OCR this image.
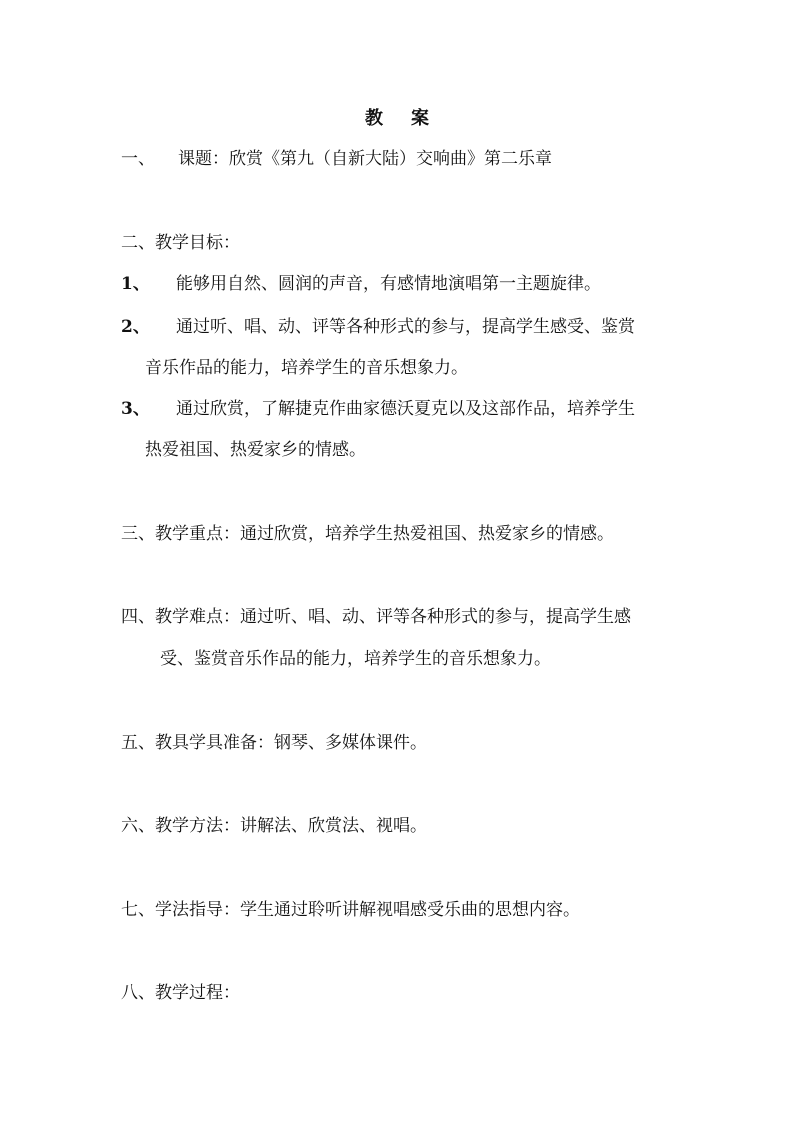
教 案
一、 课题：欣赏《第九（自新大陆）交响曲》第二乐章
二、教学目标：
1、 能够用自然、圆润的声音，有感情地演唱第一主题旋律。
2、 通过听、唱、动、评等各种形式的参与，提高学生感受、鉴赏
音乐作品的能力，培养学生的音乐想象力。
3、 通过欣赏，了解捷克作曲家德沃夏克以及这部作品，培养学生
热爱祖国、热爱家乡的情感。
三、教学重点：通过欣赏，培养学生热爱祖国、热爱家乡的情感。
四、教学难点：通过听、唱、动、评等各种形式的参与，提高学生感
受、鉴赏音乐作品的能力，培养学生的音乐想象力。
五、教具学具准备：钢琴、多媒体课件。
六、教学方法：讲解法、欣赏法、视唱。
七、学法指导：学生通过聆听讲解视唱感受乐曲的思想内容。
八、教学过程：
